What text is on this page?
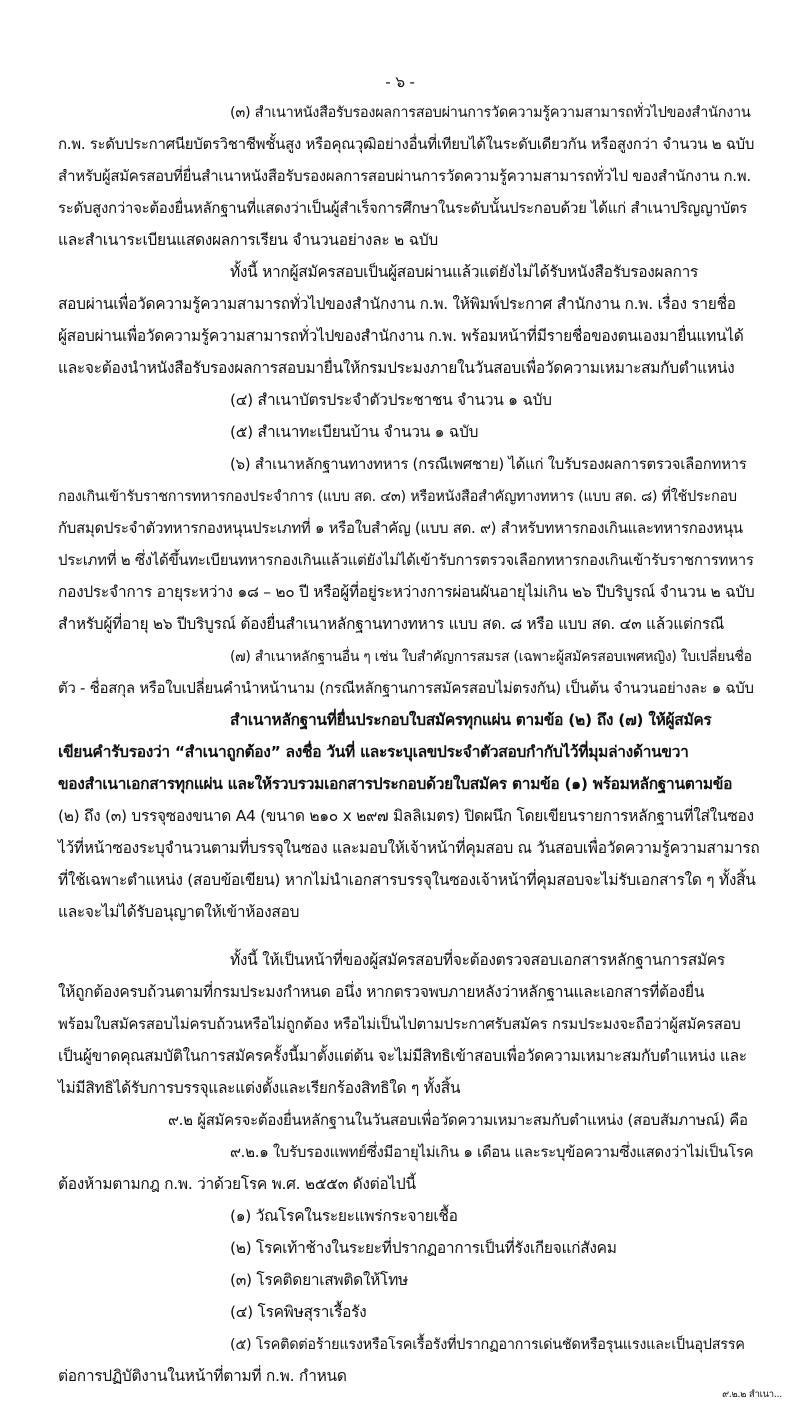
- ๖ -
(๓) สำเนาหนังสือรับรองผลการสอบผ่านการวัดความรู้ความสามารถทั่วไปของสำนักงาน
ก.พ. ระดับประกาศนียบัตรวิชาชีพชั้นสูง หรือคุณวุฒิอย่างอื่นที่เทียบได้ในระดับเดียวกัน หรือสูงกว่า จำนวน ๒ ฉบับ
สำหรับผู้สมัครสอบที่ยื่นสำเนาหนังสือรับรองผลการสอบผ่านการวัดความรู้ความสามารถทั่วไป ของสำนักงาน ก.พ.
ระดับสูงกว่าจะต้องยื่นหลักฐานที่แสดงว่าเป็นผู้สำเร็จการศึกษาในระดับนั้นประกอบด้วย ได้แก่ สำเนาปริญญาบัตร
และสำเนาระเบียนแสดงผลการเรียน จำนวนอย่างละ ๒ ฉบับ
ทั้งนี้ หากผู้สมัครสอบเป็นผู้สอบผ่านแล้วแต่ยังไม่ได้รับหนังสือรับรองผลการ
สอบผ่านเพื่อวัดความรู้ความสามารถทั่วไปของสำนักงาน ก.พ. ให้พิมพ์ประกาศ สำนักงาน ก.พ. เรื่อง รายชื่อ
ผู้สอบผ่านเพื่อวัดความรู้ความสามารถทั่วไปของสำนักงาน ก.พ. พร้อมหน้าที่มีรายชื่อของตนเองมายื่นแทนได้
และจะต้องนำหนังสือรับรองผลการสอบมายื่นให้กรมประมงภายในวันสอบเพื่อวัดความเหมาะสมกับตำแหน่ง
(๔) สำเนาบัตรประจำตัวประชาชน จำนวน ๑ ฉบับ
(๕) สำเนาทะเบียนบ้าน จำนวน ๑ ฉบับ
(๖) สำเนาหลักฐานทางทหาร (กรณีเพศชาย) ได้แก่ ใบรับรองผลการตรวจเลือกทหาร
กองเกินเข้ารับราชการทหารกองประจำการ (แบบ สด. ๔๓) หรือหนังสือสำคัญทางทหาร (แบบ สด. ๘) ที่ใช้ประกอบ
กับสมุดประจำตัวทหารกองหนุนประเภทที่ ๑ หรือใบสำคัญ (แบบ สด. ๙) สำหรับทหารกองเกินและทหารกองหนุน
ประเภทที่ ๒ ซึ่งได้ขึ้นทะเบียนทหารกองเกินแล้วแต่ยังไม่ได้เข้ารับการตรวจเลือกทหารกองเกินเข้ารับราชการทหาร
กองประจำการ อายุระหว่าง ๑๘ – ๒๐ ปี หรือผู้ที่อยู่ระหว่างการผ่อนผันอายุไม่เกิน ๒๖ ปีบริบูรณ์ จำนวน ๒ ฉบับ
สำหรับผู้ที่อายุ ๒๖ ปีบริบูรณ์ ต้องยื่นสำเนาหลักฐานทางทหาร แบบ สด. ๘ หรือ แบบ สด. ๔๓ แล้วแต่กรณี
(๗) สำเนาหลักฐานอื่น ๆ เช่น ใบสำคัญการสมรส (เฉพาะผู้สมัครสอบเพศหญิง) ใบเปลี่ยนชื่อ
ตัว - ชื่อสกุล หรือใบเปลี่ยนคำนำหน้านาม (กรณีหลักฐานการสมัครสอบไม่ตรงกัน) เป็นต้น จำนวนอย่างละ ๑ ฉบับ
สำเนาหลักฐานที่ยื่นประกอบใบสมัครทุกแผ่น ตามข้อ (๒) ถึง (๗) ให้ผู้สมัคร
เขียนคำรับรองว่า “สำเนาถูกต้อง” ลงชื่อ วันที่ และระบุเลขประจำตัวสอบกำกับไว้ที่มุมล่างด้านขวา
ของสำเนาเอกสารทุกแผ่น และให้รวบรวมเอกสารประกอบด้วยใบสมัคร ตามข้อ (๑) พร้อมหลักฐานตามข้อ
(๒) ถึง (๓) บรรจุซองขนาด A4 (ขนาด ๒๑๐ x ๒๙๗ มิลลิเมตร) ปิดผนึก โดยเขียนรายการหลักฐานที่ใส่ในซอง
ไว้ที่หน้าซองระบุจำนวนตามที่บรรจุในซอง และมอบให้เจ้าหน้าที่คุมสอบ ณ วันสอบเพื่อวัดความรู้ความสามารถ
ที่ใช้เฉพาะตำแหน่ง (สอบข้อเขียน) หากไม่นำเอกสารบรรจุในซองเจ้าหน้าที่คุมสอบจะไม่รับเอกสารใด ๆ ทั้งสิ้น
และจะไม่ได้รับอนุญาตให้เข้าห้องสอบ
ทั้งนี้ ให้เป็นหน้าที่ของผู้สมัครสอบที่จะต้องตรวจสอบเอกสารหลักฐานการสมัคร
ให้ถูกต้องครบถ้วนตามที่กรมประมงกำหนด อนึ่ง หากตรวจพบภายหลังว่าหลักฐานและเอกสารที่ต้องยื่น
พร้อมใบสมัครสอบไม่ครบถ้วนหรือไม่ถูกต้อง หรือไม่เป็นไปตามประกาศรับสมัคร กรมประมงจะถือว่าผู้สมัครสอบ
เป็นผู้ขาดคุณสมบัติในการสมัครครั้งนี้มาตั้งแต่ต้น จะไม่มีสิทธิเข้าสอบเพื่อวัดความเหมาะสมกับตำแหน่ง และ
ไม่มีสิทธิได้รับการบรรจุและแต่งตั้งและเรียกร้องสิทธิใด ๆ ทั้งสิ้น
๙.๒ ผู้สมัครจะต้องยื่นหลักฐานในวันสอบเพื่อวัดความเหมาะสมกับตำแหน่ง (สอบสัมภาษณ์) คือ
๙.๒.๑ ใบรับรองแพทย์ซึ่งมีอายุไม่เกิน ๑ เดือน และระบุข้อความซึ่งแสดงว่าไม่เป็นโรค
ต้องห้ามตามกฎ ก.พ. ว่าด้วยโรค พ.ศ. ๒๕๕๓ ดังต่อไปนี้
(๑) วัณโรคในระยะแพร่กระจายเชื้อ
(๒) โรคเท้าช้างในระยะที่ปรากฏอาการเป็นที่รังเกียจแก่สังคม
(๓) โรคติดยาเสพติดให้โทษ
(๔) โรคพิษสุราเรื้อรัง
(๕) โรคติดต่อร้ายแรงหรือโรคเรื้อรังที่ปรากฏอาการเด่นชัดหรือรุนแรงและเป็นอุปสรรค
ต่อการปฏิบัติงานในหน้าที่ตามที่ ก.พ. กำหนด
๙.๒.๒ สำเนา...
